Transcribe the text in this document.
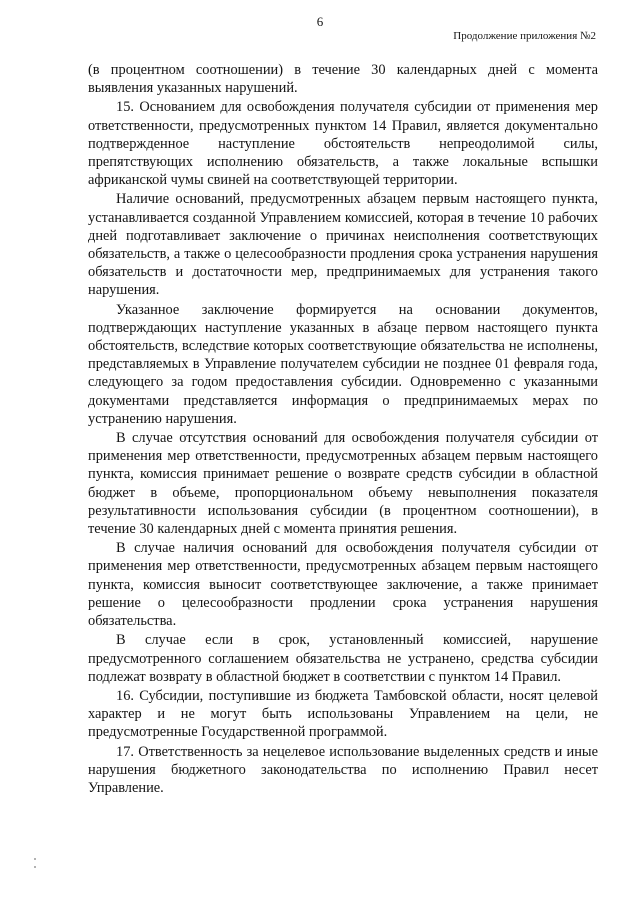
6
Продолжение приложения №2

(в процентном соотношении) в течение 30 календарных дней с момента выявления указанных нарушений.

15. Основанием для освобождения получателя субсидии от применения мер ответственности, предусмотренных пунктом 14 Правил, является документально подтвержденное наступление обстоятельств непреодолимой силы, препятствующих исполнению обязательств, а также локальные вспышки африканской чумы свиней на соответствующей территории.

Наличие оснований, предусмотренных абзацем первым настоящего пункта, устанавливается созданной Управлением комиссией, которая в течение 10 рабочих дней подготавливает заключение о причинах неисполнения соответствующих обязательств, а также о целесообразности продления срока устранения нарушения обязательств и достаточности мер, предпринимаемых для устранения такого нарушения.

Указанное заключение формируется на основании документов, подтверждающих наступление указанных в абзаце первом настоящего пункта обстоятельств, вследствие которых соответствующие обязательства не исполнены, представляемых в Управление получателем субсидии не позднее 01 февраля года, следующего за годом предоставления субсидии. Одновременно с указанными документами представляется информация о предпринимаемых мерах по устранению нарушения.

В случае отсутствия оснований для освобождения получателя субсидии от применения мер ответственности, предусмотренных абзацем первым настоящего пункта, комиссия принимает решение о возврате средств субсидии в областной бюджет в объеме, пропорциональном объему невыполнения показателя результативности использования субсидии (в процентном соотношении), в течение 30 календарных дней с момента принятия решения.

В случае наличия оснований для освобождения получателя субсидии от применения мер ответственности, предусмотренных абзацем первым настоящего пункта, комиссия выносит соответствующее заключение, а также принимает решение о целесообразности продлении срока устранения нарушения обязательства.

В случае если в срок, установленный комиссией, нарушение предусмотренного соглашением обязательства не устранено, средства субсидии подлежат возврату в областной бюджет в соответствии с пунктом 14 Правил.

16. Субсидии, поступившие из бюджета Тамбовской области, носят целевой характер и не могут быть использованы Управлением на цели, не предусмотренные Государственной программой.

17. Ответственность за нецелевое использование выделенных средств и иные нарушения бюджетного законодательства по исполнению Правил несет Управление.
